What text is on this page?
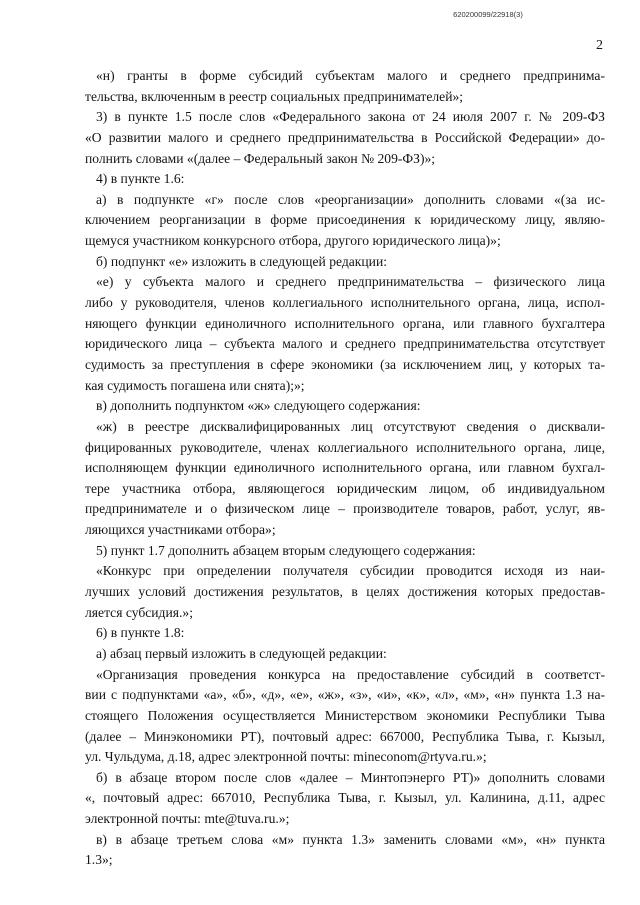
620200099/22918(3)
2
«н) гранты в форме субсидий субъектам малого и среднего предпринима-
тельства, включенным в реестр социальных предпринимателей»;
3) в пункте 1.5 после слов «Федерального закона от 24 июля 2007 г. № 209-ФЗ
«О развитии малого и среднего предпринимательства в Российской Федерации» до-
полнить словами «(далее – Федеральный закон № 209-ФЗ)»;
4) в пункте 1.6:
а) в подпункте «г» после слов «реорганизации» дополнить словами «(за ис-
ключением реорганизации в форме присоединения к юридическому лицу, являю-
щемуся участником конкурсного отбора, другого юридического лица)»;
б) подпункт «е» изложить в следующей редакции:
«е) у субъекта малого и среднего предпринимательства – физического лица
либо у руководителя, членов коллегиального исполнительного органа, лица, испол-
няющего функции единоличного исполнительного органа, или главного бухгалтера
юридического лица – субъекта малого и среднего предпринимательства отсутствует
судимость за преступления в сфере экономики (за исключением лиц, у которых та-
кая судимость погашена или снята);»;
в) дополнить подпунктом «ж» следующего содержания:
«ж) в реестре дисквалифицированных лиц отсутствуют сведения о дисквали-
фицированных руководителе, членах коллегиального исполнительного органа, лице,
исполняющем функции единоличного исполнительного органа, или главном бухгал-
тере участника отбора, являющегося юридическим лицом, об индивидуальном
предпринимателе и о физическом лице – производителе товаров, работ, услуг, яв-
ляющихся участниками отбора»;
5) пункт 1.7 дополнить абзацем вторым следующего содержания:
«Конкурс при определении получателя субсидии проводится исходя из наи-
лучших условий достижения результатов, в целях достижения которых предостав-
ляется субсидия.»;
6) в пункте 1.8:
а) абзац первый изложить в следующей редакции:
«Организация проведения конкурса на предоставление субсидий в соответст-
вии с подпунктами «а», «б», «д», «е», «ж», «з», «и», «к», «л», «м», «н» пункта 1.3 на-
стоящего Положения осуществляется Министерством экономики Республики Тыва
(далее – Минэкономики РТ), почтовый адрес: 667000, Республика Тыва, г. Кызыл,
ул. Чульдума, д.18, адрес электронной почты: mineconom@rtyva.ru.»;
б) в абзаце втором после слов «далее – Минтопэнерго РТ)» дополнить словами
«, почтовый адрес: 667010, Республика Тыва, г. Кызыл, ул. Калинина, д.11, адрес
электронной почты: mte@tuva.ru.»;
в) в абзаце третьем слова «м» пункта 1.3» заменить словами «м», «н» пункта
1.3»;
